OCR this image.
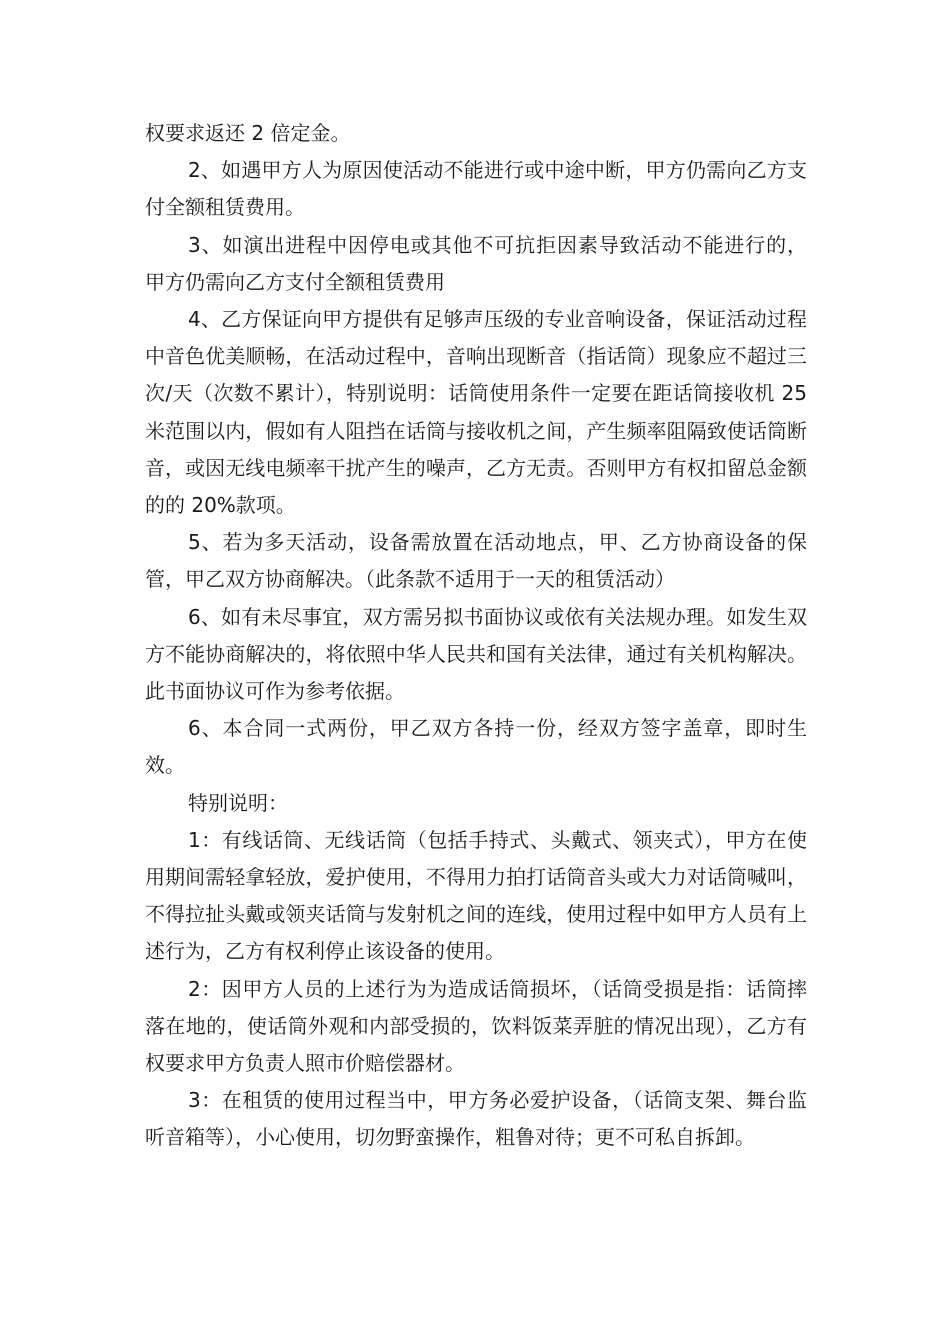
权要求返还 2 倍定金。

2、如遇甲方人为原因使活动不能进行或中途中断，甲方仍需向乙方支付全额租赁费用。

3、如演出进程中因停电或其他不可抗拒因素导致活动不能进行的， 甲方仍需向乙方支付全额租赁费用

4、乙方保证向甲方提供有足够声压级的专业音响设备，保证活动过程中音色优美顺畅，在活动过程中，音响出现断音（指话筒）现象应不超过三次/天（次数不累计），特别说明：话筒使用条件一定要在距话筒接收机 25 米范围以内，假如有人阻挡在话筒与接收机之间，产生频率阻隔致使话筒断音，或因无线电频率干扰产生的噪声，乙方无责。否则甲方有权扣留总金额的的 20%款项。

5、若为多天活动，设备需放置在活动地点，甲、乙方协商设备的保管，甲乙双方协商解决。（此条款不适用于一天的租赁活动）

6、如有未尽事宜，双方需另拟书面协议或依有关法规办理。如发生双方不能协商解决的，将依照中华人民共和国有关法律，通过有关机构解决。此书面协议可作为参考依据。

6、本合同一式两份，甲乙双方各持一份，经双方签字盖章，即时生效。

特别说明：

1：有线话筒、无线话筒（包括手持式、头戴式、领夹式），甲方在使用期间需轻拿轻放，爱护使用，不得用力拍打话筒音头或大力对话筒喊叫，不得拉扯头戴或领夹话筒与发射机之间的连线，使用过程中如甲方人员有上述行为，乙方有权利停止该设备的使用。

2：因甲方人员的上述行为为造成话筒损坏，（话筒受损是指：话筒摔落在地的，使话筒外观和内部受损的，饮料饭菜弄脏的情况出现），乙方有权要求甲方负责人照市价赔偿器材。

3：在租赁的使用过程当中，甲方务必爱护设备，（话筒支架、舞台监听音箱等），小心使用，切勿野蛮操作，粗鲁对待；更不可私自拆卸。
